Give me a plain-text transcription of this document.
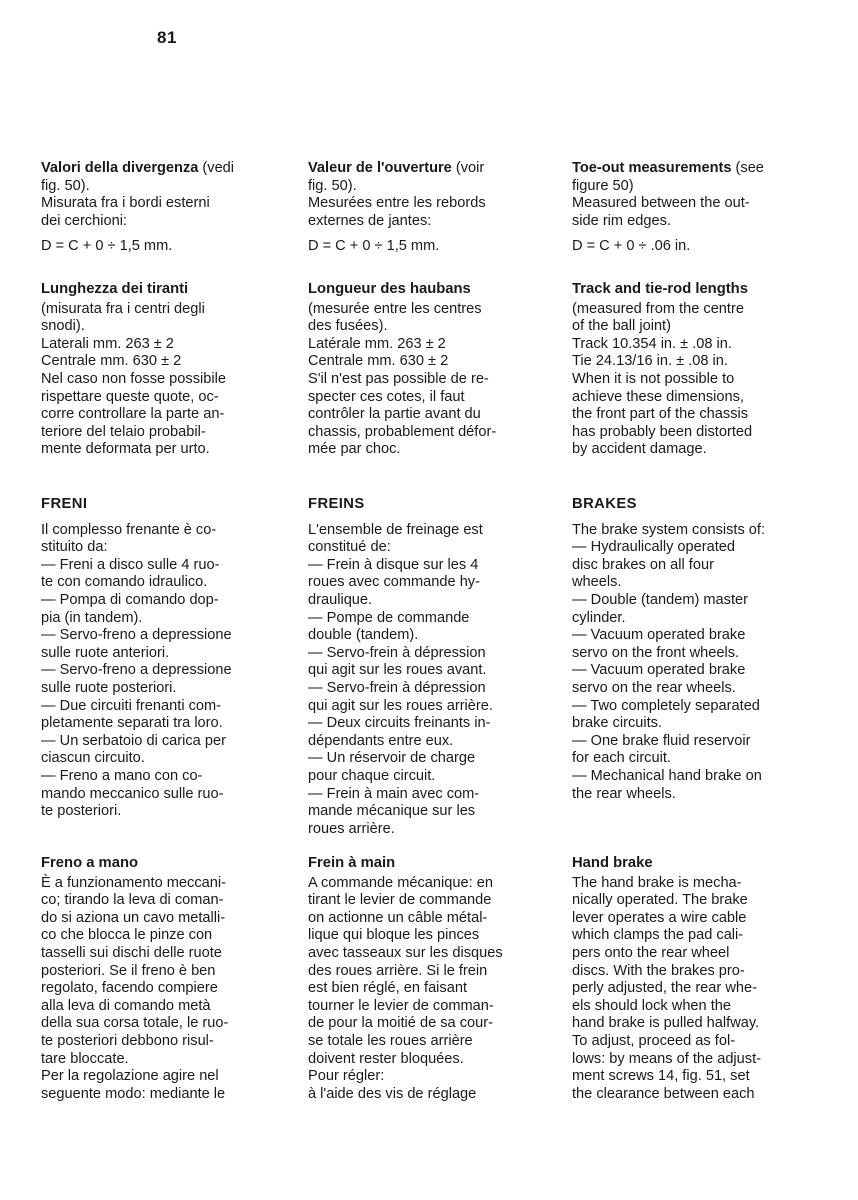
81

Valori della divergenza (vedi
fig. 50).

Misurata fra i bordi esterni
dei cerchioni:

D = C + 0 ÷ 1,5 mm.

Lunghezza dei tiranti

(misurata fra i centri degli
snodi).
Laterali mm. 263 ± 2
Centrale mm. 630 ± 2

Nel caso non fosse possibile
rispettare queste quote, oc-
corre controllare la parte an-
teriore del telaio probabil-
mente deformata per urto.

FRENI

Il complesso frenante è co-
stituito da:
— Freni a disco sulle 4 ruo-
te con comando idraulico.
— Pompa di comando dop-
pia (in tandem).
— Servo-freno a depressione
sulle ruote anteriori.
— Servo-freno a depressione
sulle ruote posteriori.
— Due circuiti frenanti com-
pletamente separati tra loro.
— Un serbatoio di carica per
ciascun circuito.
— Freno a mano con co-
mando meccanico sulle ruo-
te posteriori.

Freno a mano

È a funzionamento meccani-
co; tirando la leva di coman-
do si aziona un cavo metalli-
co che blocca le pinze con
tasselli sui dischi delle ruote
posteriori. Se il freno è ben
regolato, facendo compiere
alla leva di comando metà
della sua corsa totale, le ruo-
te posteriori debbono risul-
tare bloccate.
Per la regolazione agire nel
seguente modo: mediante le

Valeur de l'ouverture (voir
fig. 50).

Mesurées entre les rebords
externes de jantes:

D = C + 0 ÷ 1,5 mm.

Longueur des haubans

(mesurée entre les centres
des fusées).
Latérale mm. 263 ± 2
Centrale mm. 630 ± 2

S'il n'est pas possible de re-
specter ces cotes, il faut
contrôler la partie avant du
chassis, probablement défor-
mée par choc.

FREINS

L'ensemble de freinage est
constitué de:
— Frein à disque sur les 4
roues avec commande hy-
draulique.
— Pompe de commande
double (tandem).
— Servo-frein à dépression
qui agit sur les roues avant.
— Servo-frein à dépression
qui agit sur les roues arrière.
— Deux circuits freinants in-
dépendants entre eux.
— Un réservoir de charge
pour chaque circuit.
— Frein à main avec com-
mande mécanique sur les
roues arrière.

Frein à main

A commande mécanique: en
tirant le levier de commande
on actionne un câble métal-
lique qui bloque les pinces
avec tasseaux sur les disques
des roues arrière. Si le frein
est bien réglé, en faisant
tourner le levier de comman-
de pour la moitié de sa cour-
se totale les roues arrière
doivent rester bloquées.
Pour régler:
à l'aide des vis de réglage

Toe-out measurements (see
figure 50)

Measured between the out-
side rim edges.

D = C + 0 ÷ .06 in.

Track and tie-rod lengths

(measured from the centre
of the ball joint)
Track 10.354 in. ± .08 in.
Tie 24.13/16 in. ± .08 in.

When it is not possible to
achieve these dimensions,
the front part of the chassis
has probably been distorted
by accident damage.

BRAKES

The brake system consists of:
— Hydraulically operated
disc brakes on all four
wheels.
— Double (tandem) master
cylinder.
— Vacuum operated brake
servo on the front wheels.
— Vacuum operated brake
servo on the rear wheels.
— Two completely separated
brake circuits.
— One brake fluid reservoir
for each circuit.
— Mechanical hand brake on
the rear wheels.

Hand brake

The hand brake is mecha-
nically operated. The brake
lever operates a wire cable
which clamps the pad cali-
pers onto the rear wheel
discs. With the brakes pro-
perly adjusted, the rear whe-
els should lock when the
hand brake is pulled halfway.
To adjust, proceed as fol-
lows: by means of the adjust-
ment screws 14, fig. 51, set
the clearance between each
